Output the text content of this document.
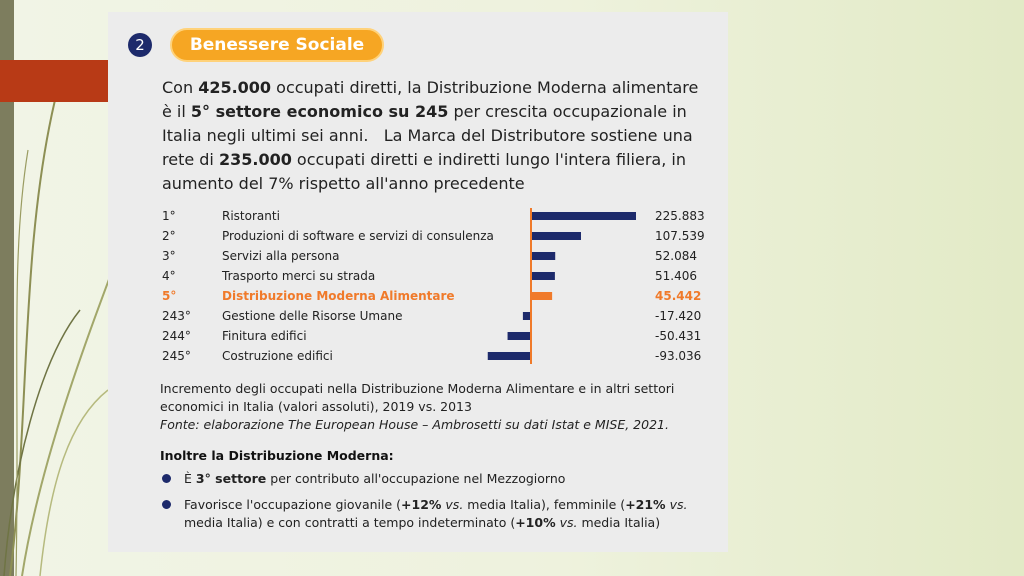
2	Benessere Sociale
Con 425.000 occupati diretti, la Distribuzione Moderna alimentare è il 5° settore economico su 245 per crescita occupazionale in Italia negli ultimi sei anni. La Marca del Distributore sostiene una rete di 235.000 occupati diretti e indiretti lungo l'intera filiera, in aumento del 7% rispetto all'anno precedente
1°	Ristoranti	225.883
2°	Produzioni di software e servizi di consulenza	107.539
3°	Servizi alla persona	52.084
4°	Trasporto merci su strada	51.406
5°	Distribuzione Moderna Alimentare	45.442
243°	Gestione delle Risorse Umane	-17.420
244°	Finitura edifici	-50.431
245°	Costruzione edifici	-93.036
Incremento degli occupati nella Distribuzione Moderna Alimentare e in altri settori economici in Italia (valori assoluti), 2019 vs. 2013
Fonte: elaborazione The European House – Ambrosetti su dati Istat e MISE, 2021.
Inoltre la Distribuzione Moderna:
È 3° settore per contributo all'occupazione nel Mezzogiorno
Favorisce l'occupazione giovanile (+12% vs. media Italia), femminile (+21% vs. media Italia) e con contratti a tempo indeterminato (+10% vs. media Italia)
